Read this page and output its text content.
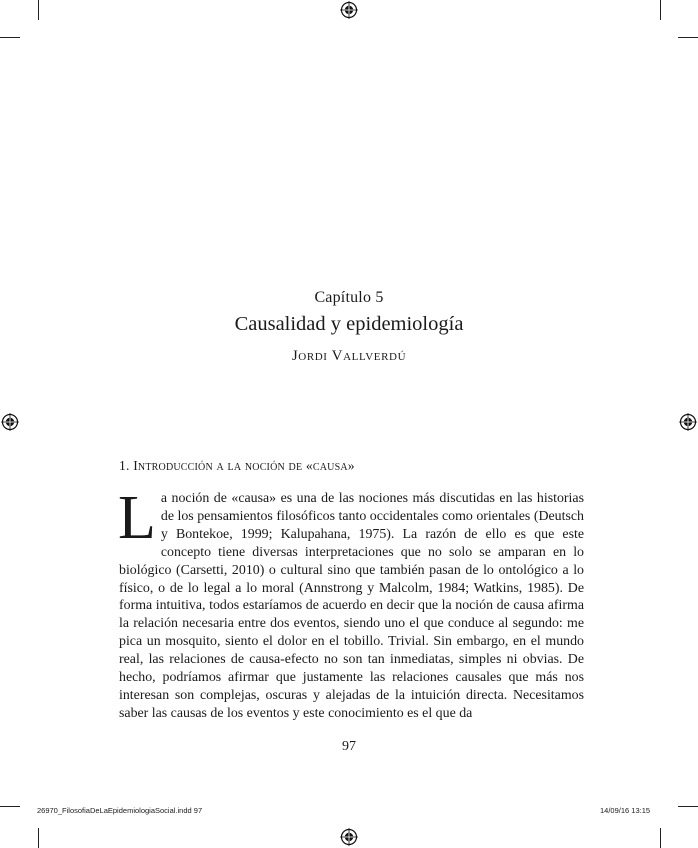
Capítulo 5
Causalidad y epidemiología
Jordi Vallverdú
1. Introducción a la noción de «causa»
L a noción de «causa» es una de las nociones más discutidas en las historias de los pensamientos filosóficos tanto occidentales como orientales (Deutsch y Bontekoe, 1999; Kalupahana, 1975). La razón de ello es que este concepto tiene diversas interpretaciones que no solo se amparan en lo biológico (Carsetti, 2010) o cultural sino que también pasan de lo ontológico a lo físico, o de lo legal a lo moral (Annstrong y Malcolm, 1984; Watkins, 1985). De forma intuitiva, todos estaríamos de acuerdo en decir que la noción de causa afirma la relación necesaria entre dos eventos, siendo uno el que conduce al segundo: me pica un mosquito, siento el dolor en el tobillo. Trivial. Sin embargo, en el mundo real, las relaciones de causa-efecto no son tan inmediatas, simples ni obvias. De hecho, podríamos afirmar que justamente las relaciones causales que más nos interesan son complejas, oscuras y alejadas de la intuición directa. Necesitamos saber las causas de los eventos y este conocimiento es el que da
97
26970_FilosofiaDeLaEpidemiologiaSocial.indd 97	14/09/16 13:15
